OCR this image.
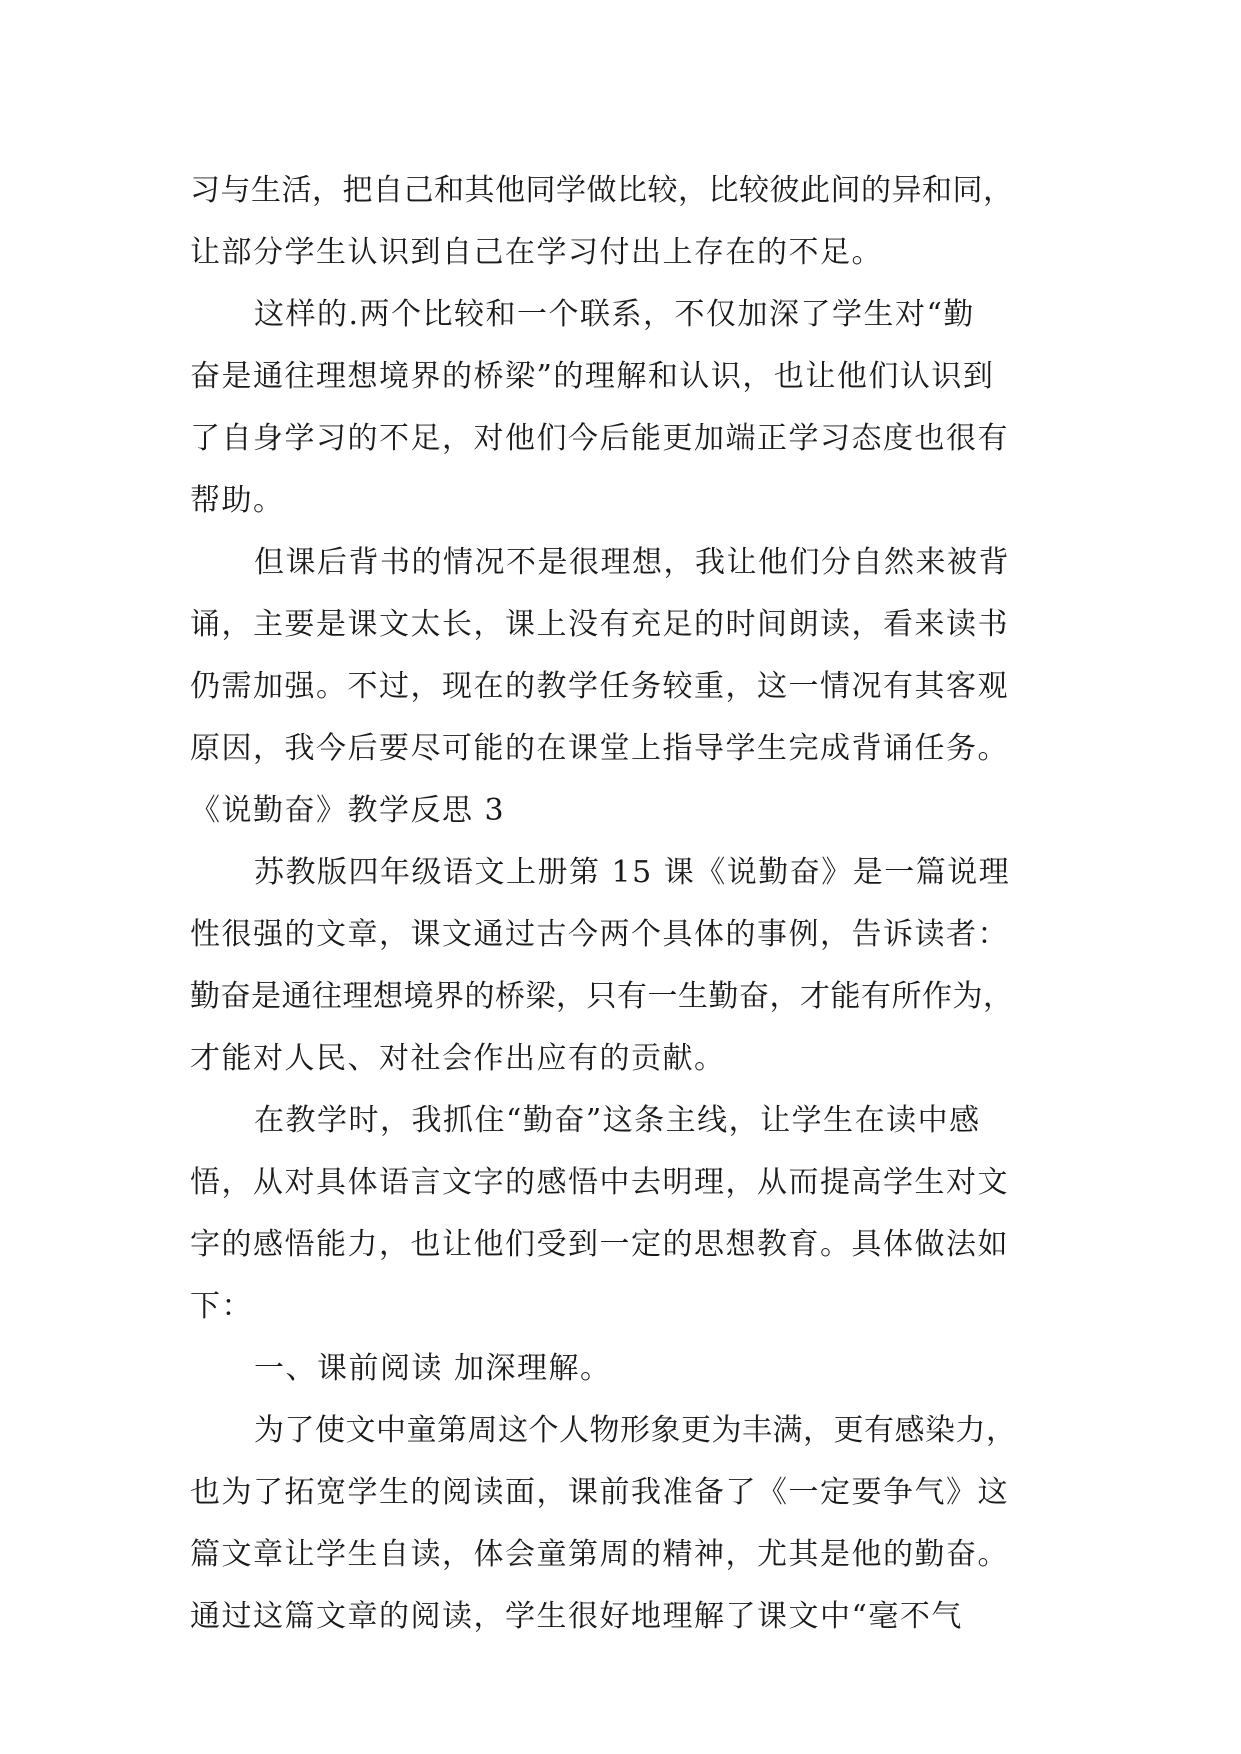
习与生活，把自己和其他同学做比较，比较彼此间的异和同，
让部分学生认识到自己在学习付出上存在的不足。
这样的.两个比较和一个联系，不仅加深了学生对“勤
奋是通往理想境界的桥梁”的理解和认识，也让他们认识到
了自身学习的不足，对他们今后能更加端正学习态度也很有
帮助。
但课后背书的情况不是很理想，我让他们分自然来被背
诵，主要是课文太长，课上没有充足的时间朗读，看来读书
仍需加强。不过，现在的教学任务较重，这一情况有其客观
原因，我今后要尽可能的在课堂上指导学生完成背诵任务。
《说勤奋》教学反思 3
苏教版四年级语文上册第 15 课《说勤奋》是一篇说理
性很强的文章，课文通过古今两个具体的事例，告诉读者：
勤奋是通往理想境界的桥梁，只有一生勤奋，才能有所作为，
才能对人民、对社会作出应有的贡献。
在教学时，我抓住“勤奋”这条主线，让学生在读中感
悟，从对具体语言文字的感悟中去明理，从而提高学生对文
字的感悟能力，也让他们受到一定的思想教育。具体做法如
下：
一、课前阅读 加深理解。
为了使文中童第周这个人物形象更为丰满，更有感染力，
也为了拓宽学生的阅读面，课前我准备了《一定要争气》这
篇文章让学生自读，体会童第周的精神，尤其是他的勤奋。
通过这篇文章的阅读，学生很好地理解了课文中“毫不气
